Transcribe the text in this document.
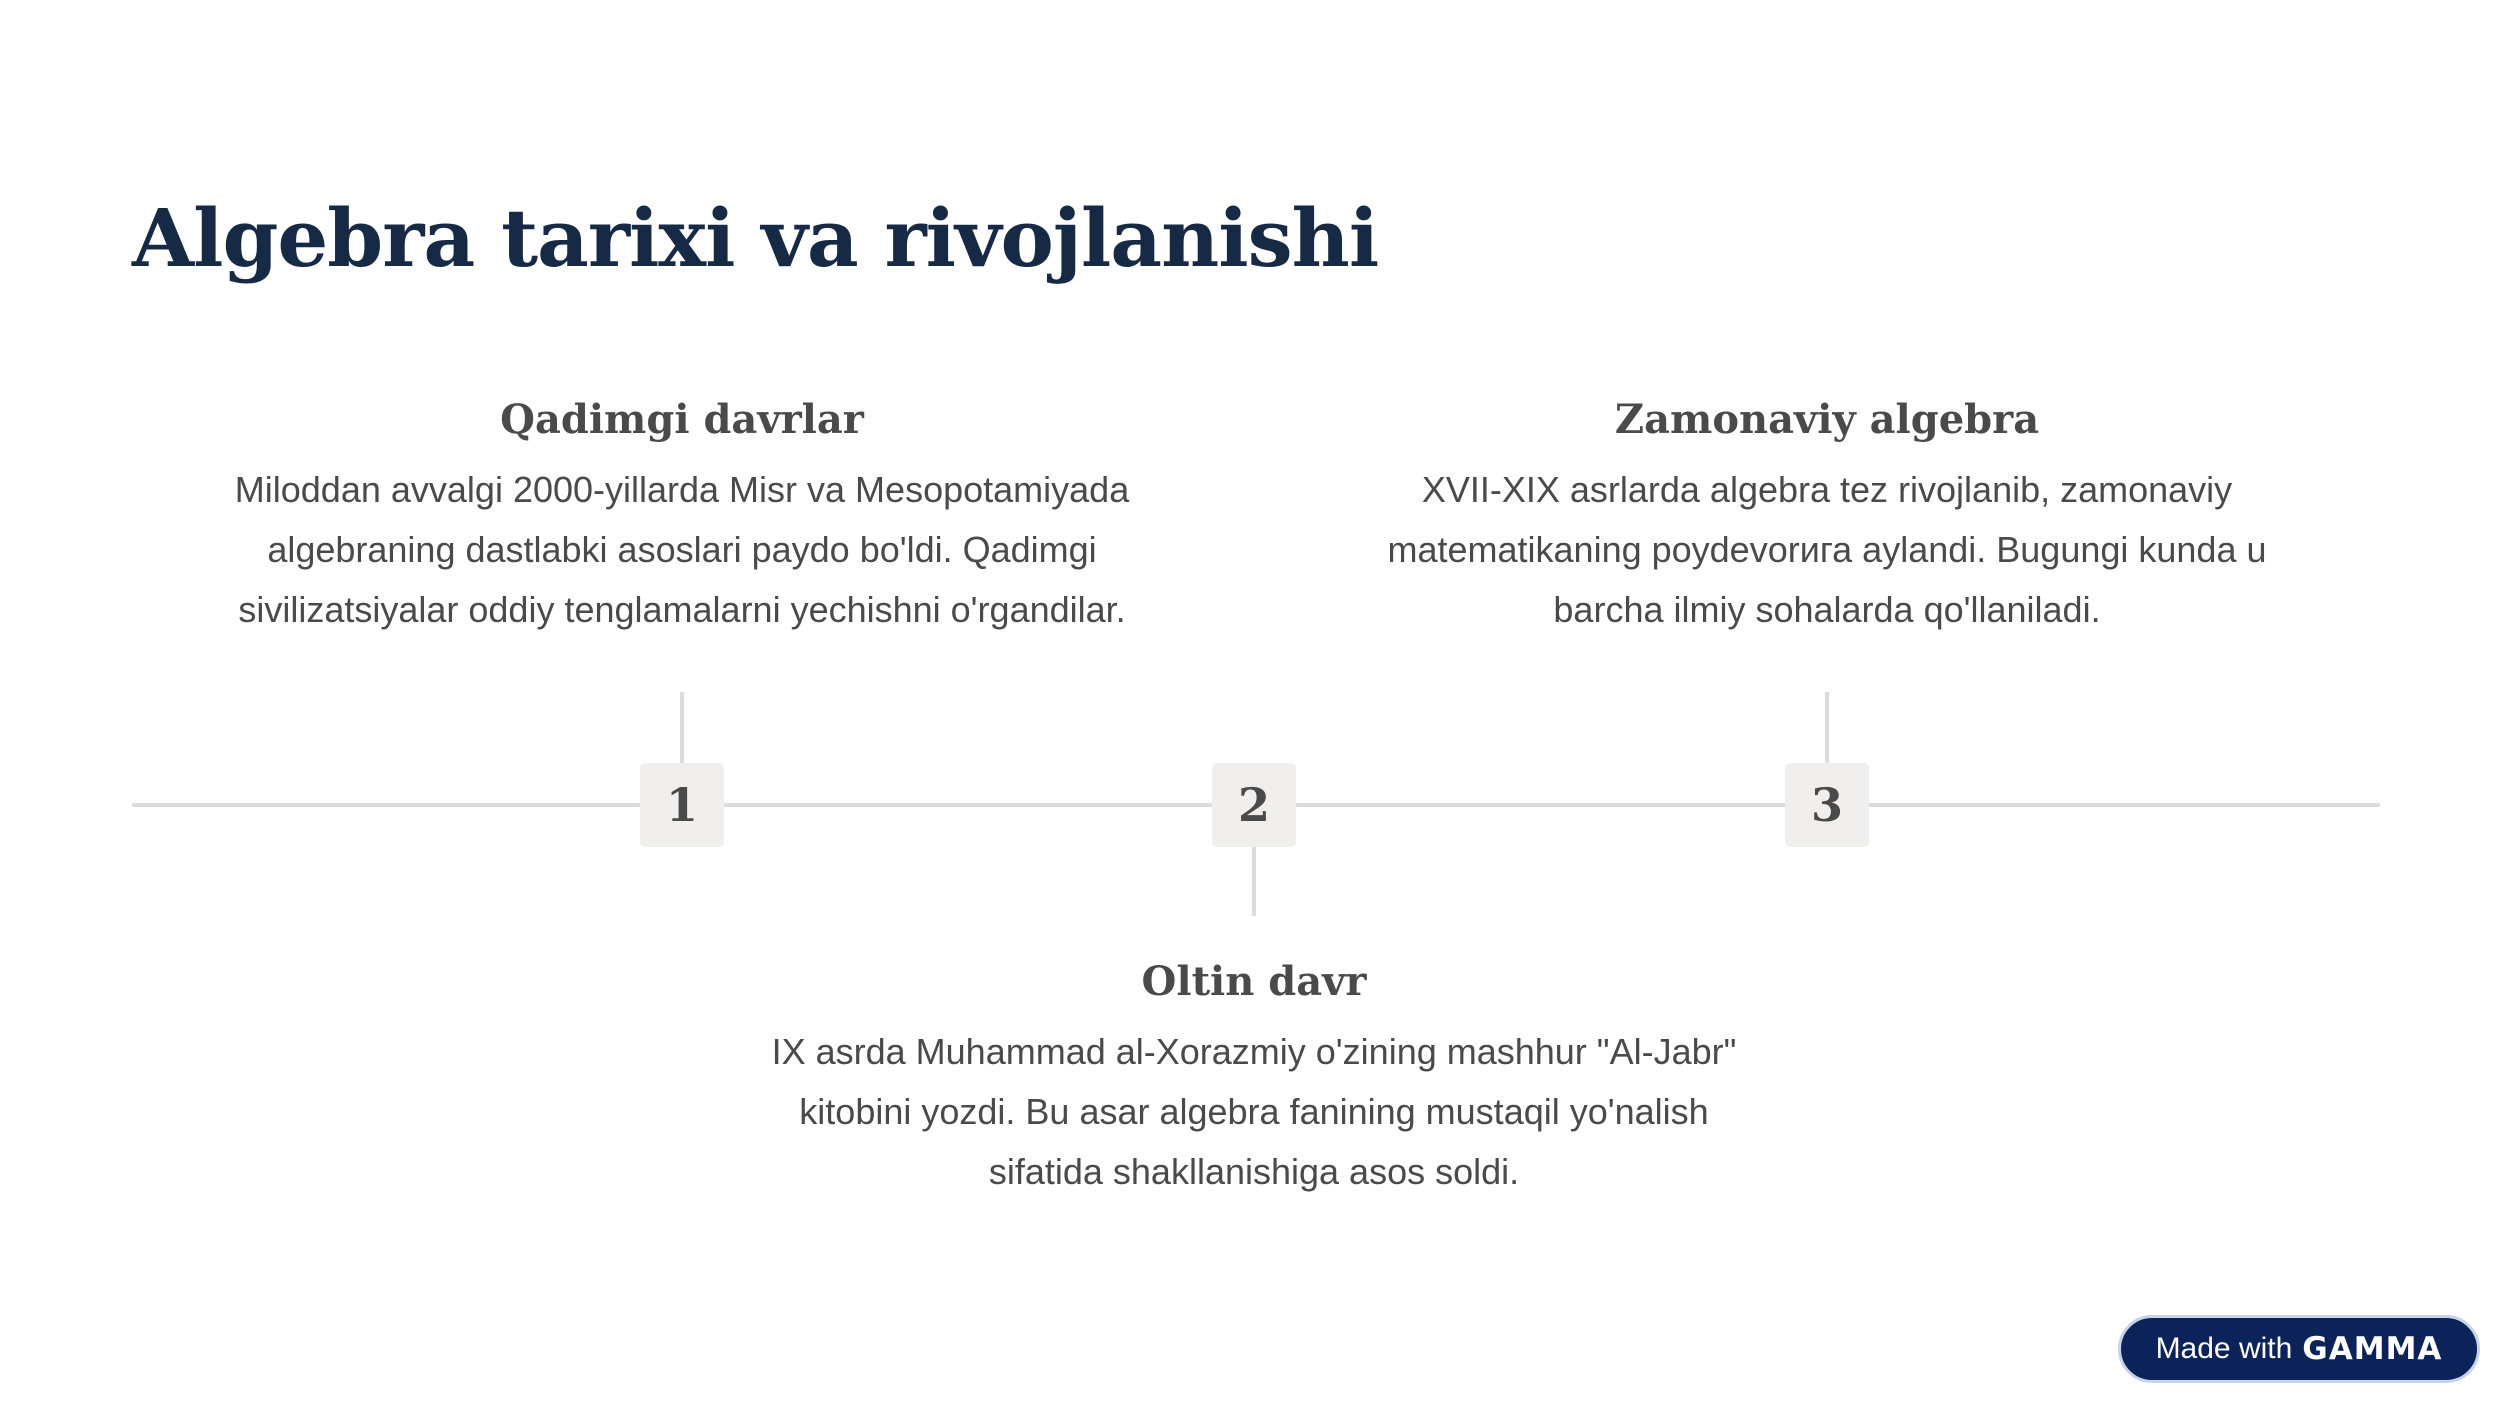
Algebra tarixi va rivojlanishi
1
Qadimgi davrlar

Miloddan avvalgi 2000-yillarda Misr va Mesopotamiyada
algebraning dastlabki asoslari paydo bo'ldi. Qadimgi
sivilizatsiyalar oddiy tenglamalarni yechishni o'rgandilar.

2
Oltin davr

IX asrda Muhammad al-Xorazmiy o'zining mashhur "Al-Jabr"
kitobini yozdi. Bu asar algebra fanining mustaqil yo'nalish
sifatida shakllanishiga asos soldi.

3
Zamonaviy algebra

XVII-XIX asrlarda algebra tez rivojlanib, zamonaviy
matematikaning poydevorига aylandi. Bugungi kunda u
barcha ilmiy sohalarda qo'llaniladi.

Made with GAMMA
